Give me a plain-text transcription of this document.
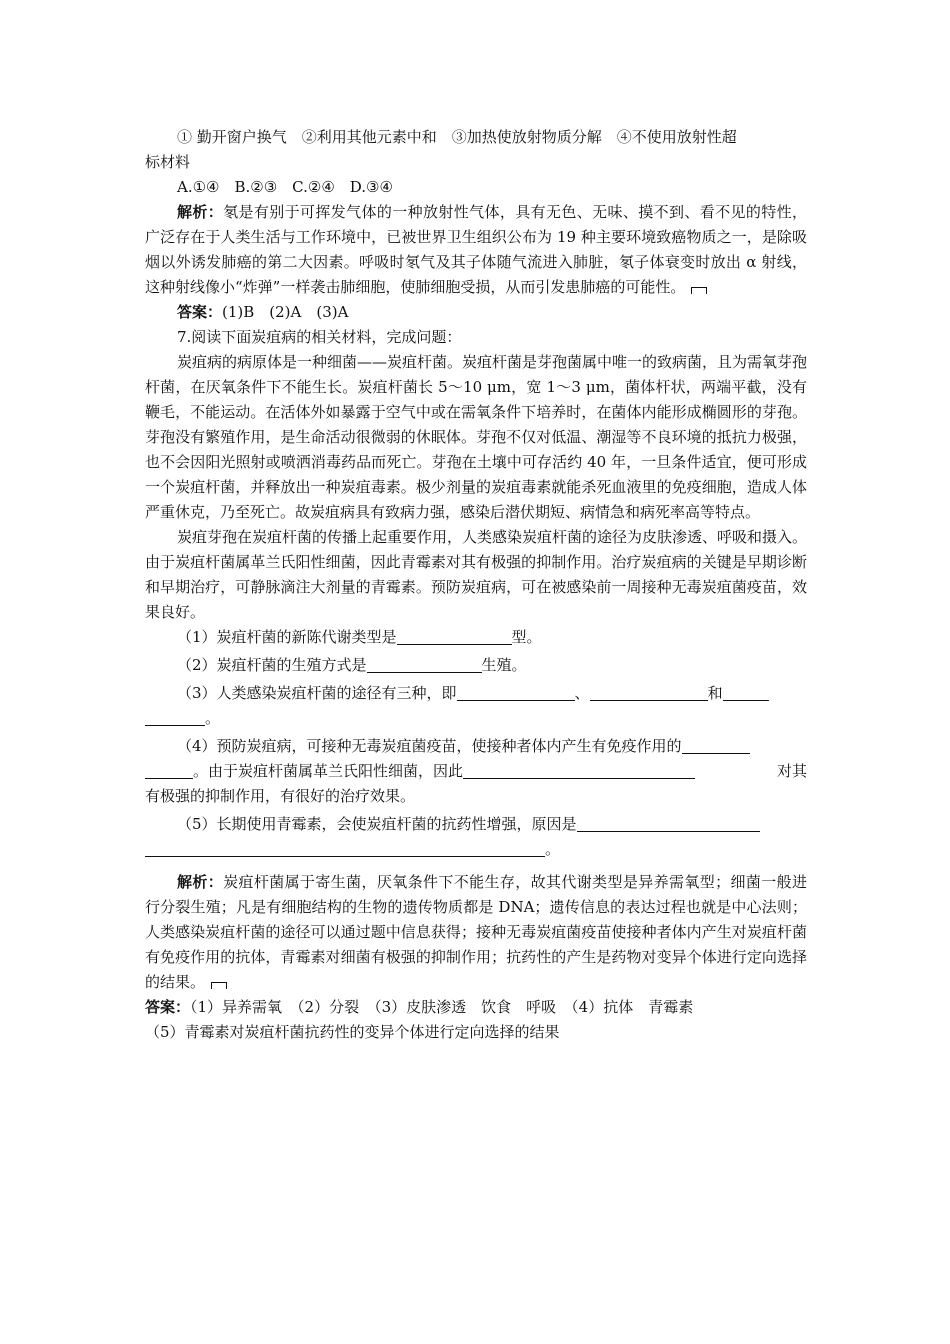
① 勤开窗户换气　②利用其他元素中和　③加热使放射物质分解　④不使用放射性超

标材料

A.①④　B.②③　C.②④　D.③④

解析：氡是有别于可挥发气体的一种放射性气体，具有无色、无味、摸不到、看不见的特性，广泛存在于人类生活与工作环境中，已被世界卫生组织公布为 19 种主要环境致癌物质之一，是除吸烟以外诱发肺癌的第二大因素。呼吸时氡气及其子体随气流进入肺脏，氡子体衰变时放出 α 射线，这种射线像小“炸弹”一样袭击肺细胞，使肺细胞受损，从而引发患肺癌的可能性。

答案：(1)B　(2)A　(3)A

7.阅读下面炭疽病的相关材料，完成问题：

炭疽病的病原体是一种细菌——炭疽杆菌。炭疽杆菌是芽孢菌属中唯一的致病菌，且为需氧芽孢杆菌，在厌氧条件下不能生长。炭疽杆菌长 5～10 μm，宽 1～3 μm，菌体杆状，两端平截，没有鞭毛，不能运动。在活体外如暴露于空气中或在需氧条件下培养时，在菌体内能形成椭圆形的芽孢。芽孢没有繁殖作用，是生命活动很微弱的休眠体。芽孢不仅对低温、潮湿等不良环境的抵抗力极强，也不会因阳光照射或喷洒消毒药品而死亡。芽孢在土壤中可存活约 40 年，一旦条件适宜，便可形成一个炭疽杆菌，并释放出一种炭疽毒素。极少剂量的炭疽毒素就能杀死血液里的免疫细胞，造成人体严重休克，乃至死亡。故炭疽病具有致病力强，感染后潜伏期短、病情急和病死率高等特点。

炭疽芽孢在炭疽杆菌的传播上起重要作用，人类感染炭疽杆菌的途径为皮肤渗透、呼吸和摄入。由于炭疽杆菌属革兰氏阳性细菌，因此青霉素对其有极强的抑制作用。治疗炭疽病的关键是早期诊断和早期治疗，可静脉滴注大剂量的青霉素。预防炭疽病，可在被感染前一周接种无毒炭疽菌疫苗，效果良好。

（1）炭疽杆菌的新陈代谢类型是	型。

（2）炭疽杆菌的生殖方式是	生殖。

（3）人类感染炭疽杆菌的途径有三种，即	、	和

。

（4）预防炭疽病，可接种无毒炭疽菌疫苗，使接种者体内产生有免疫作用的

。由于炭疽杆菌属革兰氏阳性细菌，因此	对其

有极强的抑制作用，有很好的治疗效果。

（5）长期使用青霉素，会使炭疽杆菌的抗药性增强，原因是

。

解析：炭疽杆菌属于寄生菌，厌氧条件下不能生存，故其代谢类型是异养需氧型；细菌一般进行分裂生殖；凡是有细胞结构的生物的遗传物质都是 DNA；遗传信息的表达过程也就是中心法则；人类感染炭疽杆菌的途径可以通过题中信息获得；接种无毒炭疽菌疫苗使接种者体内产生对炭疽杆菌有免疫作用的抗体，青霉素对细菌有极强的抑制作用；抗药性的产生是药物对变异个体进行定向选择的结果。

答案：（1）异养需氧　（2）分裂　（3）皮肤渗透　饮食　呼吸　（4）抗体　青霉素

（5）青霉素对炭疽杆菌抗药性的变异个体进行定向选择的结果
